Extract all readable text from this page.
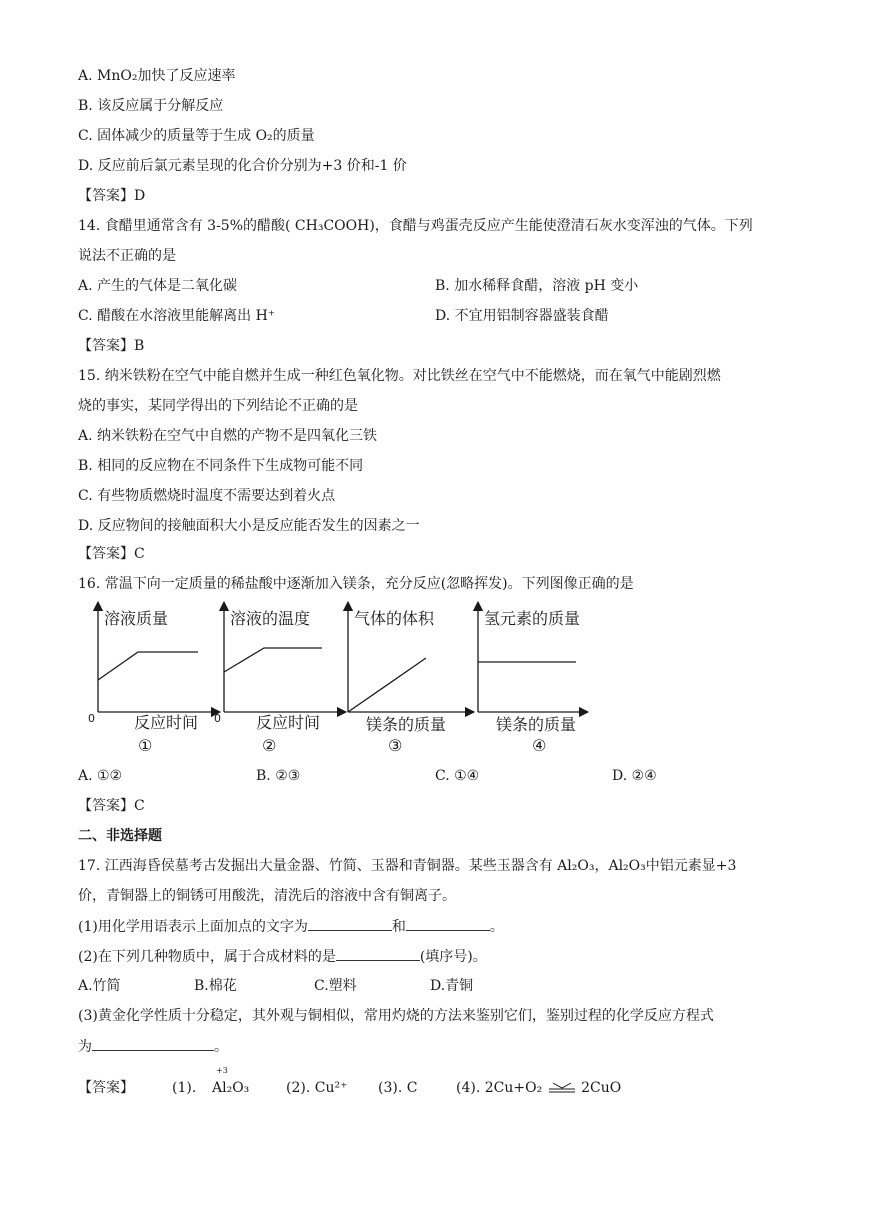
A. MnO₂加快了反应速率
B. 该反应属于分解反应
C. 固体减少的质量等于生成 O₂的质量
D. 反应前后氯元素呈现的化合价分别为+3 价和-1 价
【答案】D
14. 食醋里通常含有 3-5%的醋酸( CH₃COOH)，食醋与鸡蛋壳反应产生能使澄清石灰水变浑浊的气体。下列
说法不正确的是
A. 产生的气体是二氧化碳	B. 加水稀释食醋，溶液 pH 变小
C. 醋酸在水溶液里能解离出 H⁺	D. 不宜用铝制容器盛装食醋
【答案】B
15. 纳米铁粉在空气中能自燃并生成一种红色氧化物。对比铁丝在空气中不能燃烧，而在氧气中能剧烈燃
烧的事实，某同学得出的下列结论不正确的是
A. 纳米铁粉在空气中自燃的产物不是四氧化三铁
B. 相同的反应物在不同条件下生成物可能不同
C. 有些物质燃烧时温度不需要达到着火点
D. 反应物间的接触面积大小是反应能否发生的因素之一
【答案】C
16. 常温下向一定质量的稀盐酸中逐渐加入镁条，充分反应(忽略挥发)。下列图像正确的是
溶液质量
0 反应时间
①
溶液的温度
0 反应时间
②
气体的体积
镁条的质量
③
氢元素的质量
镁条的质量
④
A. ①②	B. ②③	C. ①④	D. ②④
【答案】C
二、非选择题
17. 江西海昏侯墓考古发掘出大量金器、竹简、玉器和青铜器。某些玉器含有 Al₂O₃，Al₂O₃中铝元素显+3
价，青铜器上的铜锈可用酸洗，清洗后的溶液中含有铜离子。
(1)用化学用语表示上面加点的文字为	和	。
(2)在下列几种物质中，属于合成材料的是	(填序号)。
A.竹简	B.棉花	C.塑料	D.青铜
(3)黄金化学性质十分稳定，其外观与铜相似，常用灼烧的方法来鉴别它们，鉴别过程的化学反应方程式
为	。
【答案】	(1).
+3
Al₂O₃	(2). Cu²⁺ (3). C	(4). 2Cu+O₂	2CuO
